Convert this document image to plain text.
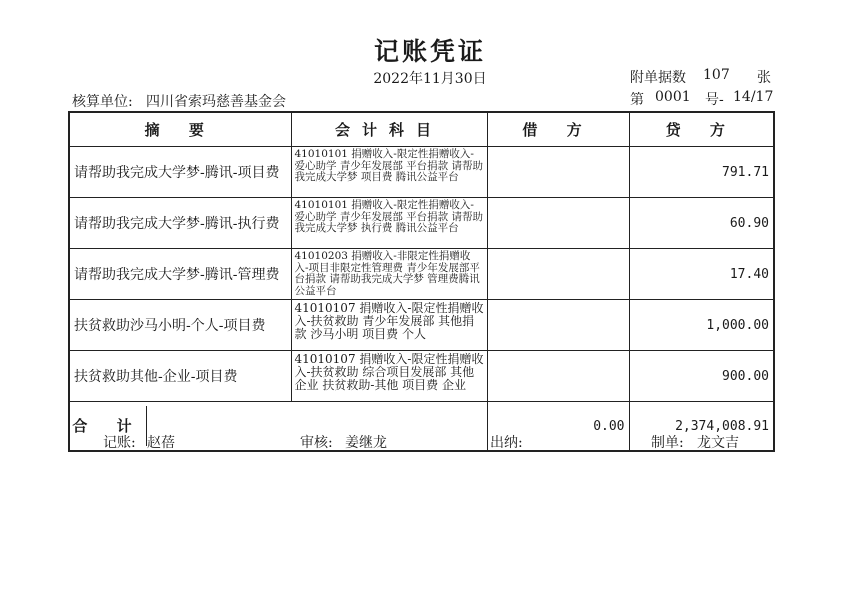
记账凭证
2022年11月30日	附单据数 107 张
核算单位: 四川省索玛慈善基金会	第 0001 号- 14/17
摘 要	会计科目	借 方	贷 方
请帮助我完成大学梦-腾讯-项目费	41010101 捐赠收入-限定性捐赠收入-爱心助学 青少年发展部 平台捐款 请帮助我完成大学梦 项目费 腾讯公益平台		791.71
请帮助我完成大学梦-腾讯-执行费	41010101 捐赠收入-限定性捐赠收入-爱心助学 青少年发展部 平台捐款 请帮助我完成大学梦 执行费 腾讯公益平台		60.90
请帮助我完成大学梦-腾讯-管理费	41010203 捐赠收入-非限定性捐赠收入-项目非限定性管理费 青少年发展部平台捐款 请帮助我完成大学梦 管理费腾讯公益平台		17.40
扶贫救助沙马小明-个人-项目费	41010107 捐赠收入-限定性捐赠收入-扶贫救助 青少年发展部 其他捐款 沙马小明 项目费 个人		1,000.00
扶贫救助其他-企业-项目费	41010107 捐赠收入-限定性捐赠收入-扶贫救助 综合项目发展部 其他企业 扶贫救助-其他 项目费 企业		900.00

合 计		0.00	2,374,008.91
记账: 赵蓓	审核: 姜继龙	出纳:	制单: 龙文吉
